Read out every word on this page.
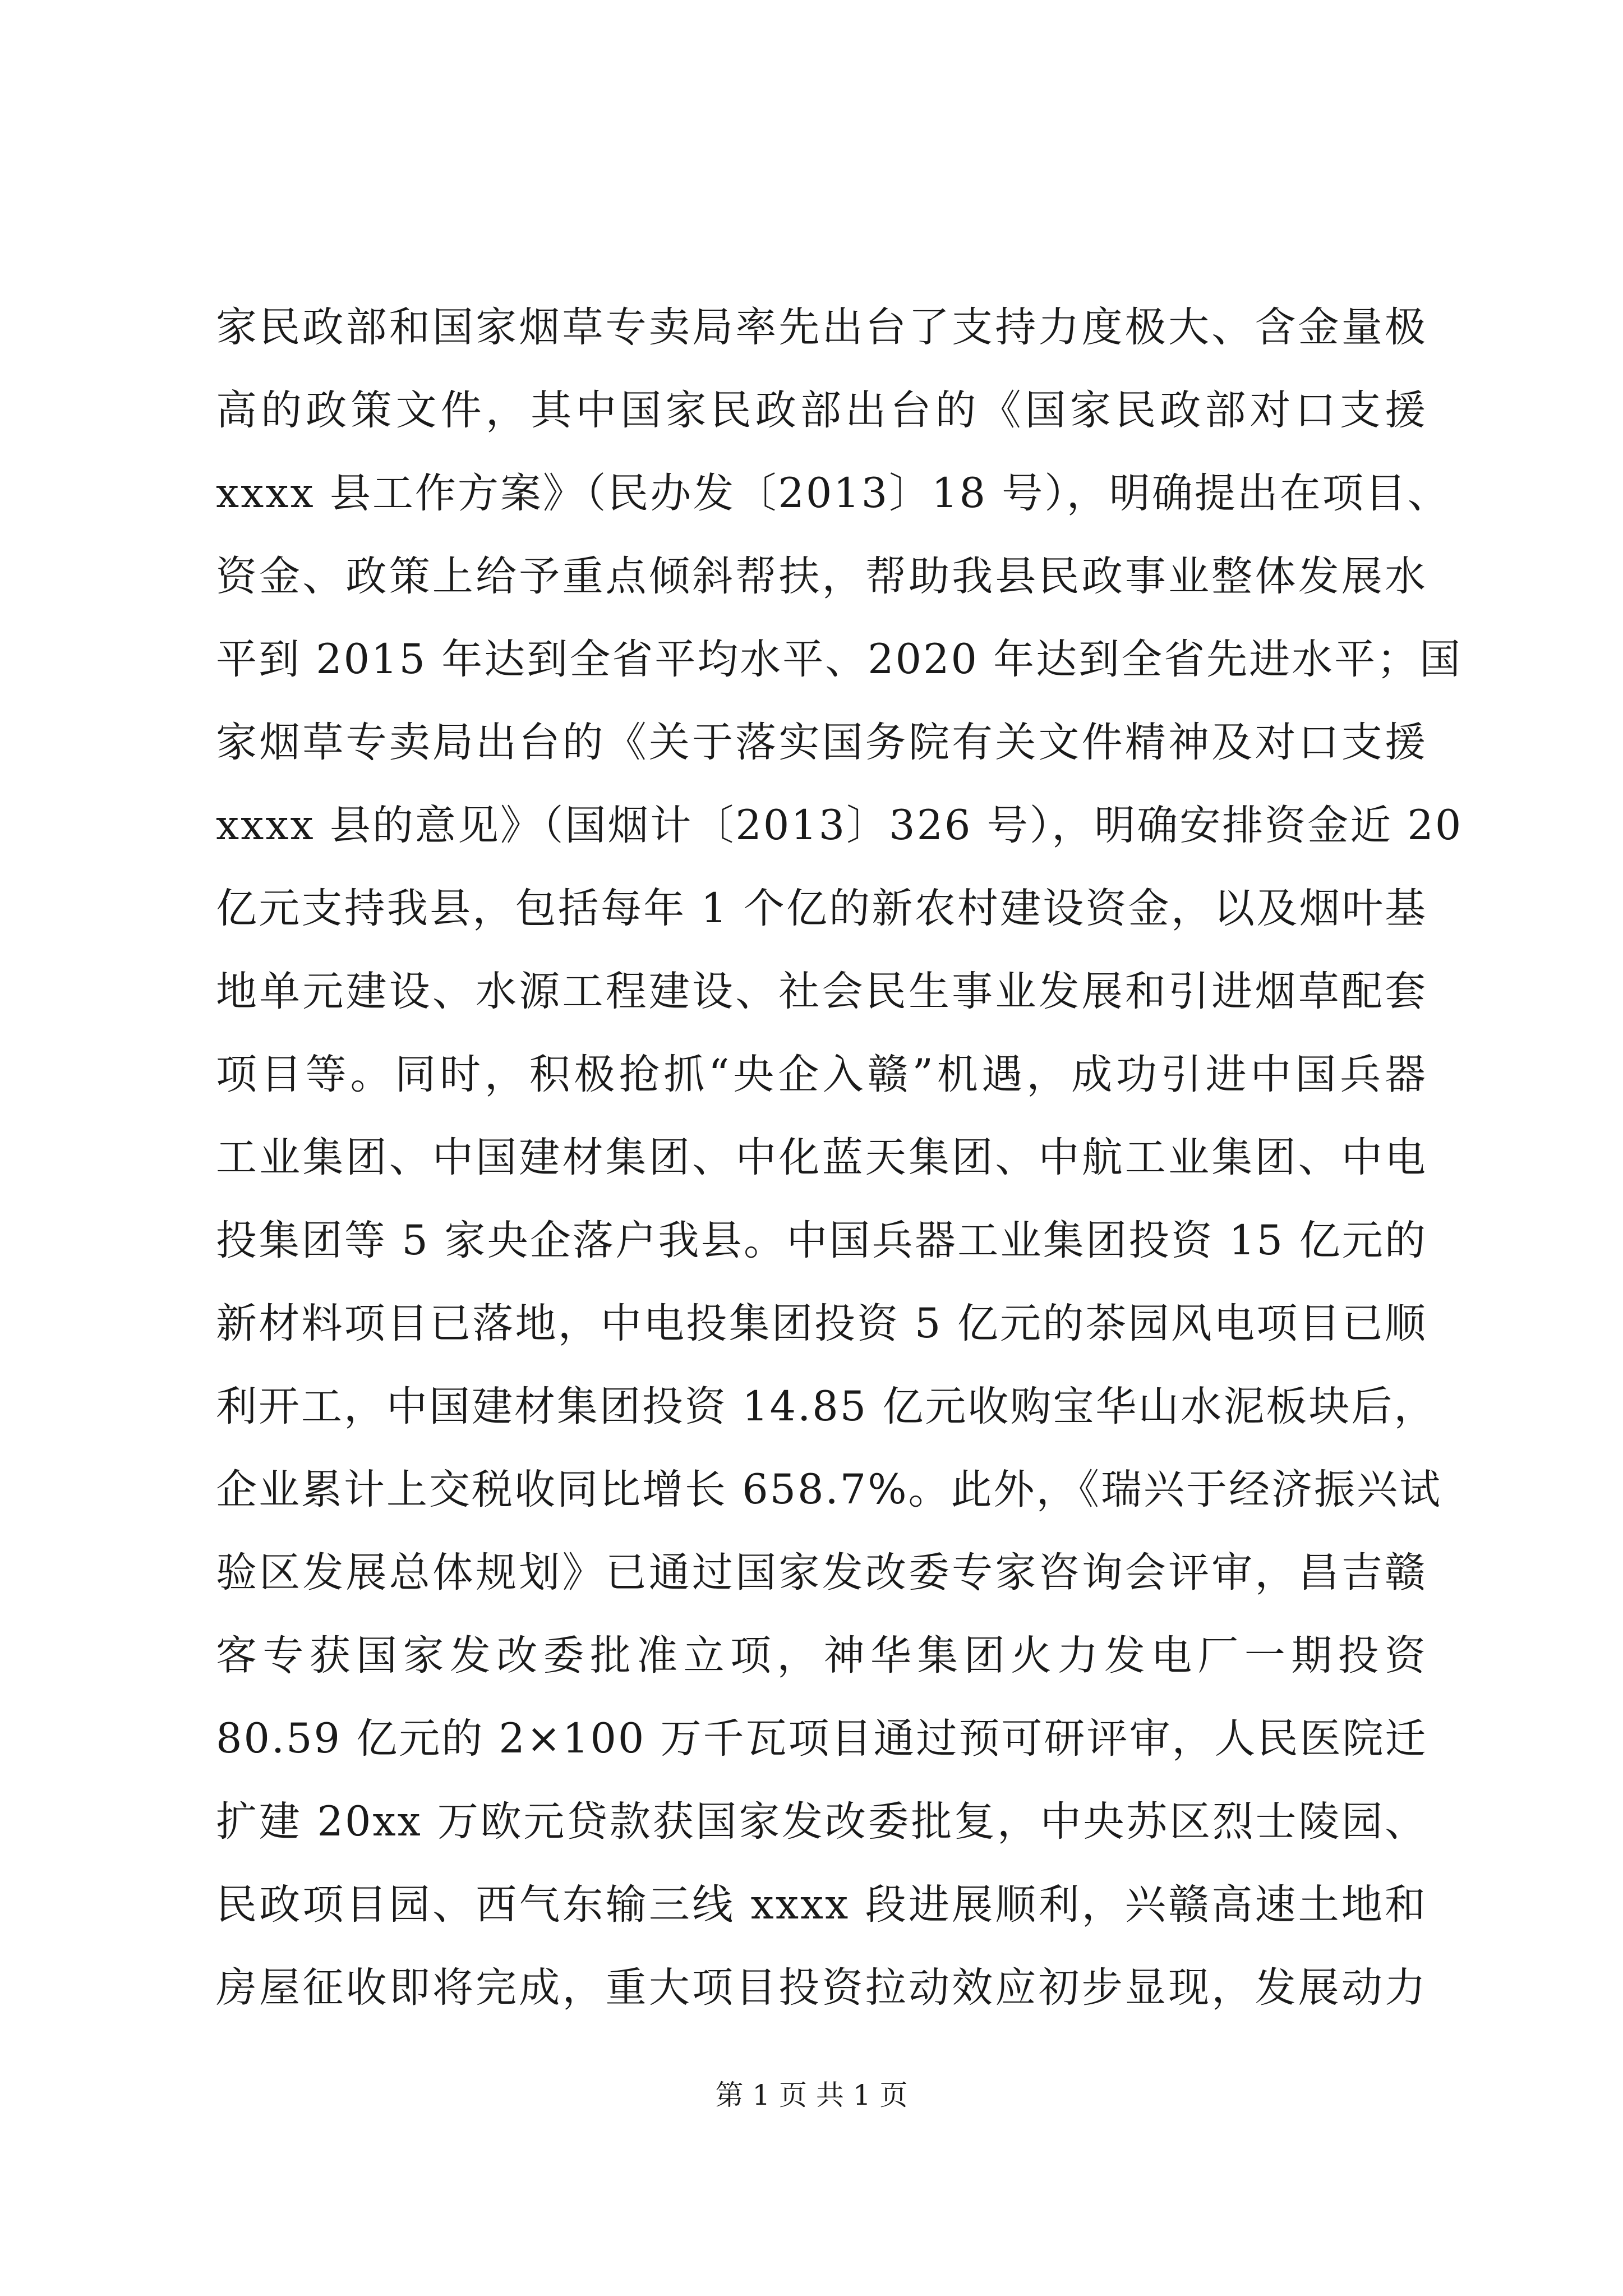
家民政部和国家烟草专卖局率先出台了支持力度极大、含金量极
高的政策文件，其中国家民政部出台的《国家民政部对口支援
xxxx 县工作方案》（民办发〔2013〕18 号），明确提出在项目、
资金、政策上给予重点倾斜帮扶，帮助我县民政事业整体发展水
平到 2015 年达到全省平均水平、2020 年达到全省先进水平；国
家烟草专卖局出台的《关于落实国务院有关文件精神及对口支援
xxxx 县的意见》（国烟计〔2013〕326 号），明确安排资金近 20
亿元支持我县，包括每年 1 个亿的新农村建设资金，以及烟叶基
地单元建设、水源工程建设、社会民生事业发展和引进烟草配套
项目等。同时，积极抢抓“央企入赣”机遇，成功引进中国兵器
工业集团、中国建材集团、中化蓝天集团、中航工业集团、中电
投集团等 5 家央企落户我县。中国兵器工业集团投资 15 亿元的
新材料项目已落地，中电投集团投资 5 亿元的茶园风电项目已顺
利开工，中国建材集团投资 14.85 亿元收购宝华山水泥板块后，
企业累计上交税收同比增长 658.7%。此外，《瑞兴于经济振兴试
验区发展总体规划》已通过国家发改委专家咨询会评审，昌吉赣
客专获国家发改委批准立项，神华集团火力发电厂一期投资
80.59 亿元的 2×100 万千瓦项目通过预可研评审，人民医院迁
扩建 20xx 万欧元贷款获国家发改委批复，中央苏区烈士陵园、
民政项目园、西气东输三线 xxxx 段进展顺利，兴赣高速土地和
房屋征收即将完成，重大项目投资拉动效应初步显现，发展动力
第 1 页 共 1 页
